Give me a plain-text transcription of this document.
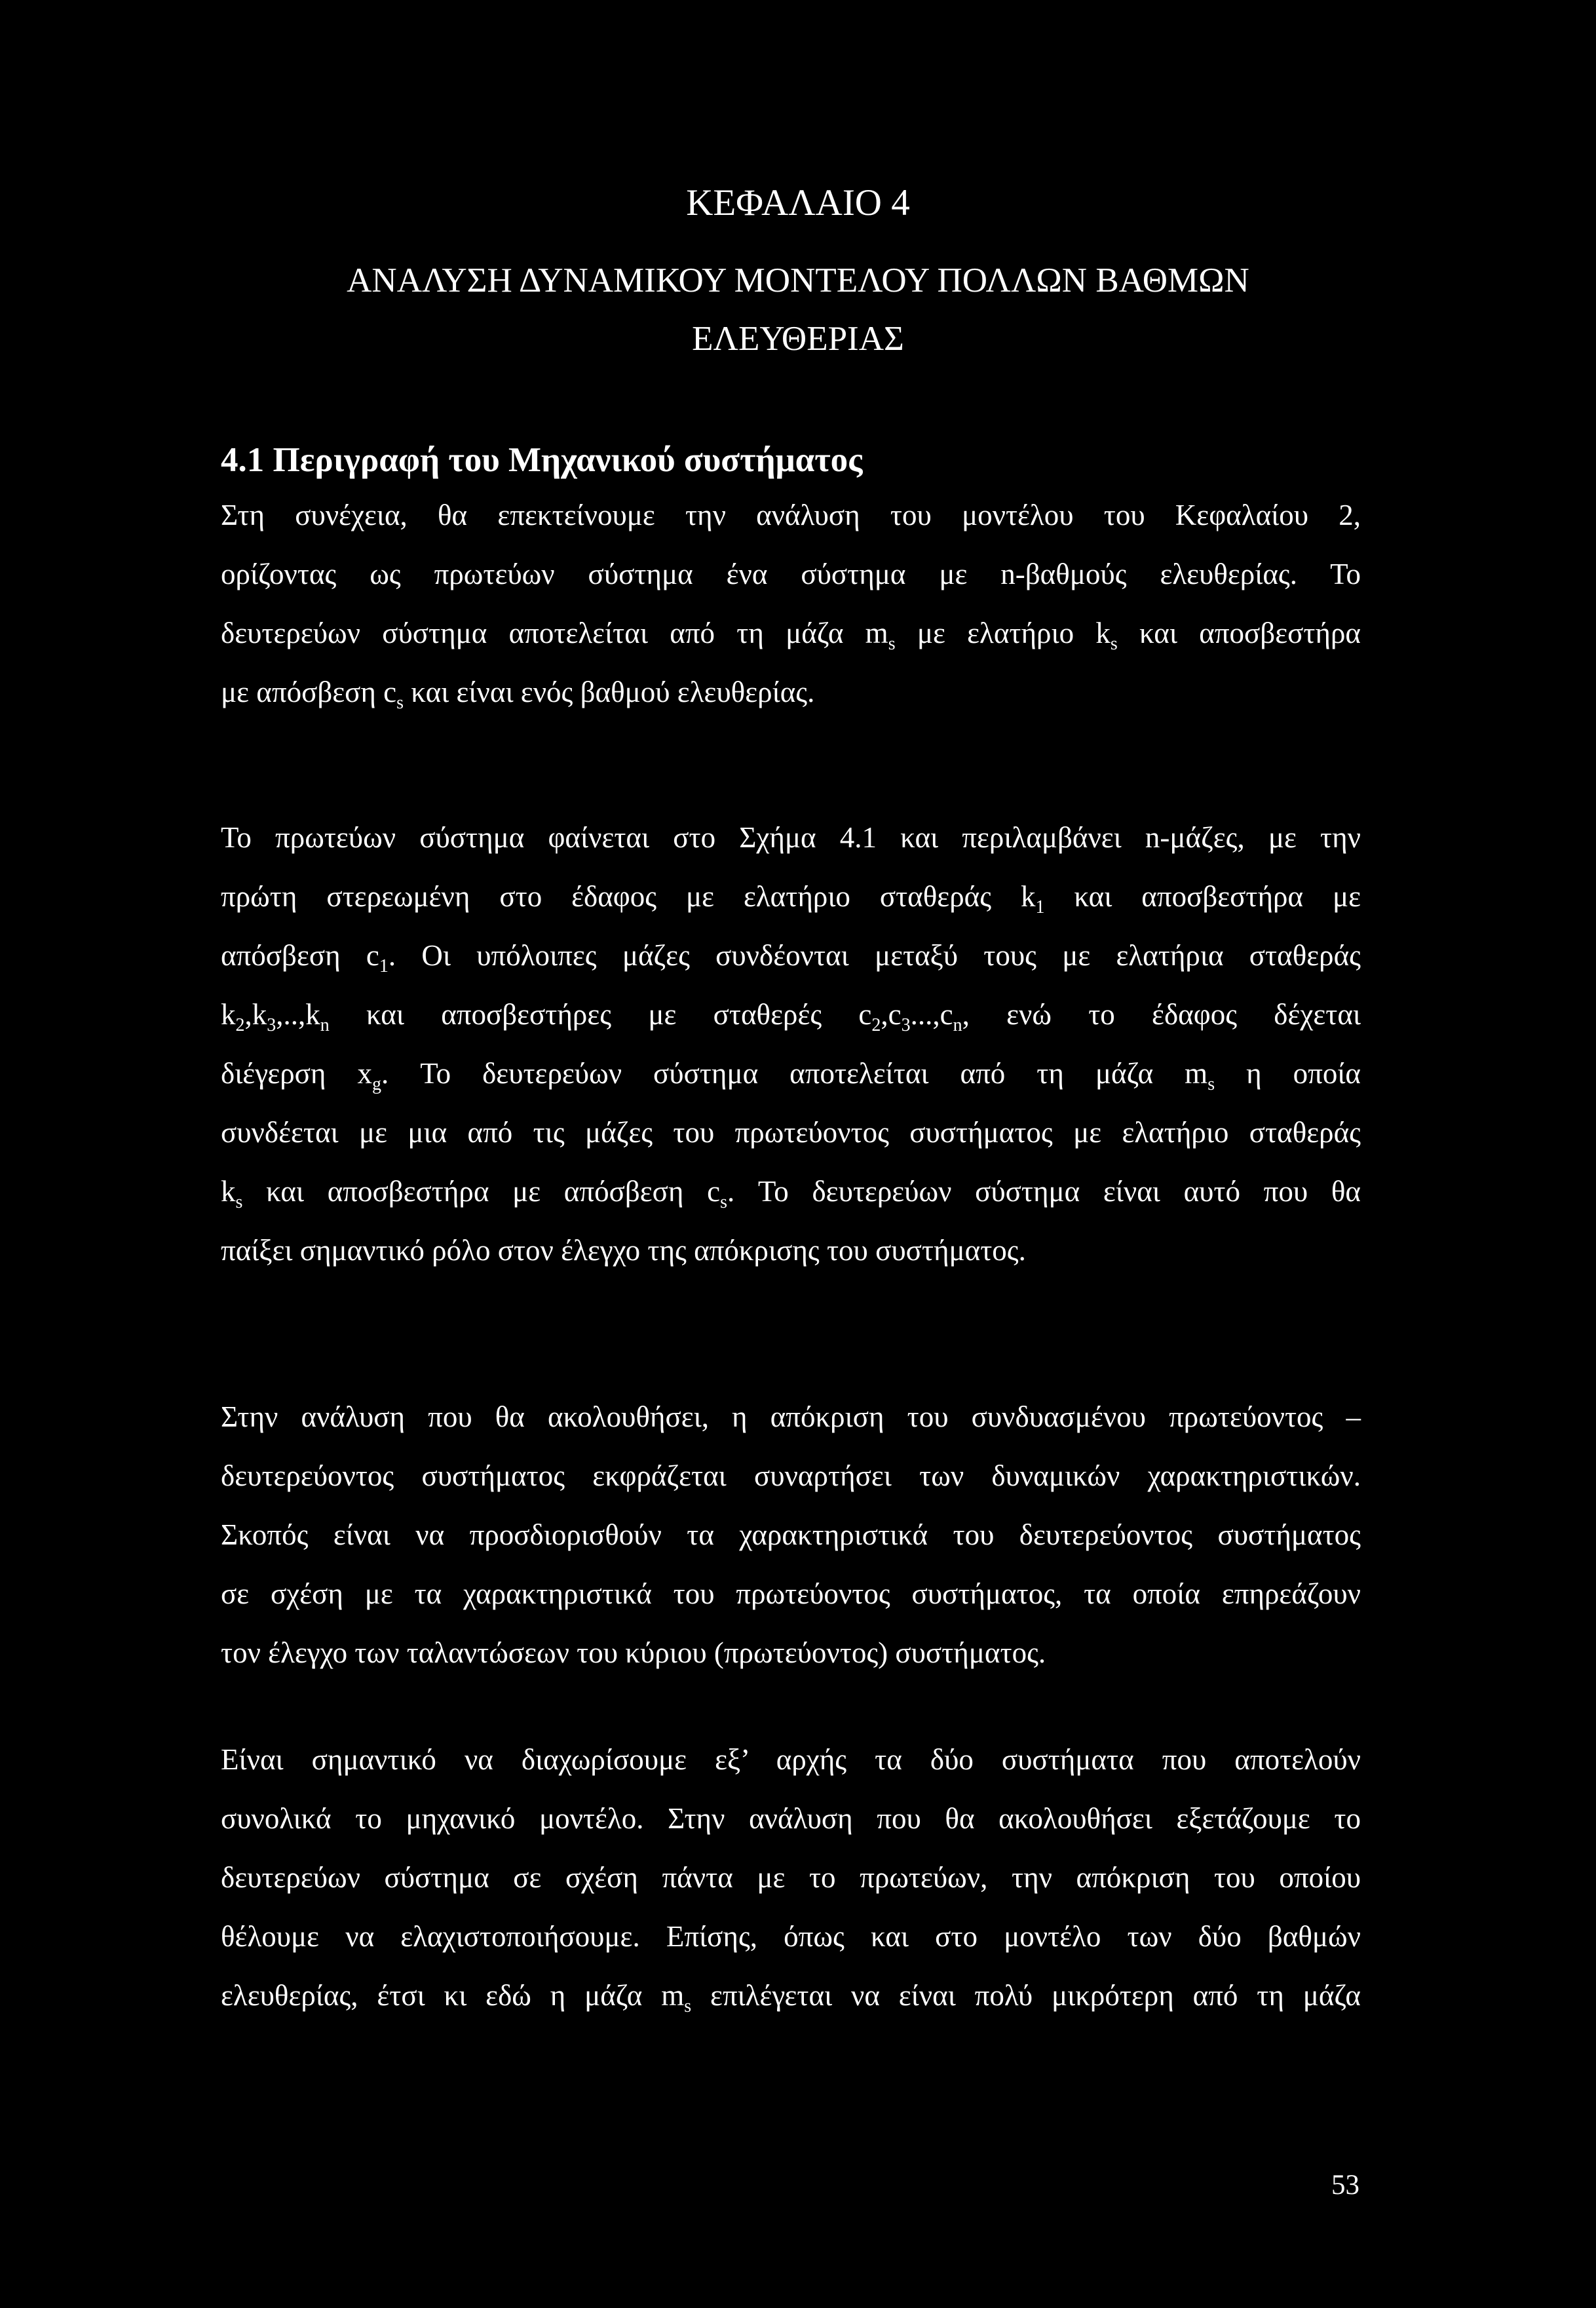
ΚΕΦΑΛΑΙΟ 4
ΑΝΑΛΥΣΗ ΔΥΝΑΜΙΚΟΥ ΜΟΝΤΕΛΟΥ ΠΟΛΛΩΝ ΒΑΘΜΩΝ
ΕΛΕΥΘΕΡΙΑΣ
4.1 Περιγραφή του Μηχανικού συστήματος
Στη συνέχεια, θα επεκτείνουμε την ανάλυση του μοντέλου του Κεφαλαίου 2,
ορίζοντας ως πρωτεύων σύστημα ένα σύστημα με n-βαθμούς ελευθερίας. Το
δευτερεύων σύστημα αποτελείται από τη μάζα $m_s$ με ελατήριο $k_s$ και αποσβεστήρα
με απόσβεση $c_s$ και είναι ενός βαθμού ελευθερίας.
Το πρωτεύων σύστημα φαίνεται στο Σχήμα 4.1 και περιλαμβάνει n-μάζες, με την
πρώτη στερεωμένη στο έδαφος με ελατήριο σταθεράς $k_1$ και αποσβεστήρα με
απόσβεση $c_1$. Οι υπόλοιπες μάζες συνδέονται μεταξύ τους με ελατήρια σταθεράς
$k_2,k_3,..,k_n$ και αποσβεστήρες με σταθερές $c_2,c_3...,c_n$, ενώ το έδαφος δέχεται
διέγερση $x_g$. Το δευτερεύων σύστημα αποτελείται από τη μάζα $m_s$ η οποία
συνδέεται με μια από τις μάζες του πρωτεύοντος συστήματος με ελατήριο σταθεράς
$k_s$ και αποσβεστήρα με απόσβεση $c_s$. Το δευτερεύων σύστημα είναι αυτό που θα
παίξει σημαντικό ρόλο στον έλεγχο της απόκρισης του συστήματος.
Στην ανάλυση που θα ακολουθήσει, η απόκριση του συνδυασμένου πρωτεύοντος –
δευτερεύοντος συστήματος εκφράζεται συναρτήσει των δυναμικών χαρακτηριστικών.
Σκοπός είναι να προσδιορισθούν τα χαρακτηριστικά του δευτερεύοντος συστήματος
σε σχέση με τα χαρακτηριστικά του πρωτεύοντος συστήματος, τα οποία επηρεάζουν
τον έλεγχο των ταλαντώσεων του κύριου (πρωτεύοντος) συστήματος.
Είναι σημαντικό να διαχωρίσουμε εξ’ αρχής τα δύο συστήματα που αποτελούν
συνολικά το μηχανικό μοντέλο. Στην ανάλυση που θα ακολουθήσει εξετάζουμε το
δευτερεύων σύστημα σε σχέση πάντα με το πρωτεύων, την απόκριση του οποίου
θέλουμε να ελαχιστοποιήσουμε. Επίσης, όπως και στο μοντέλο των δύο βαθμών
ελευθερίας, έτσι κι εδώ η μάζα $m_s$ επιλέγεται να είναι πολύ μικρότερη από τη μάζα
53
